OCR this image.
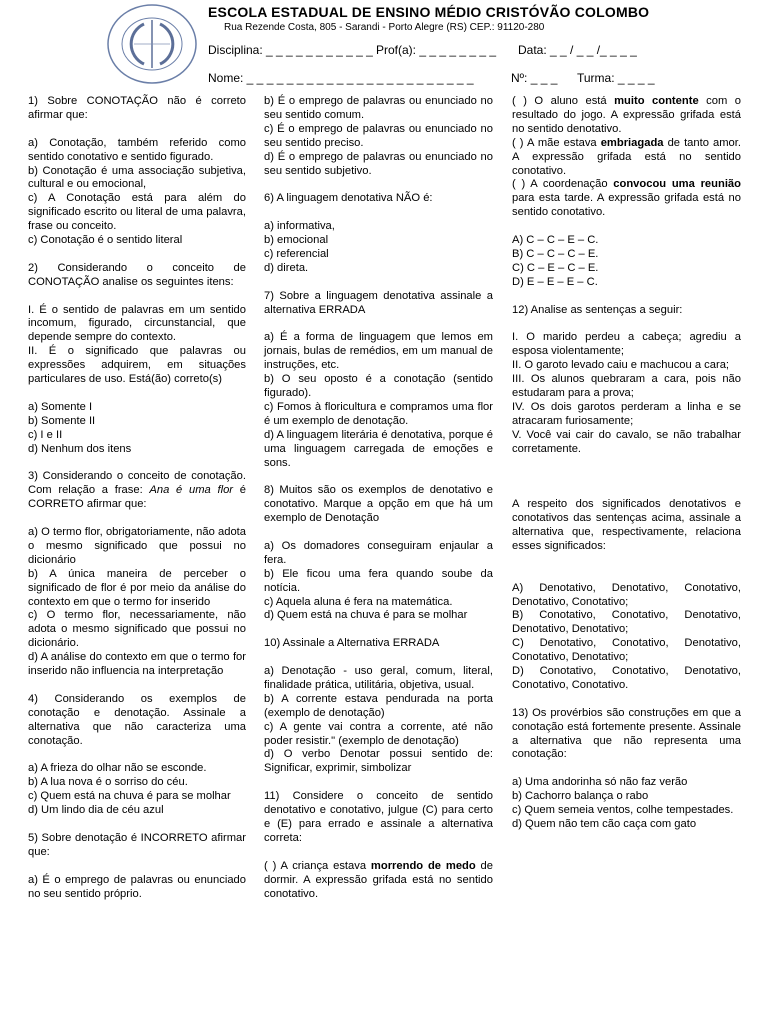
ESCOLA ESTADUAL DE ENSINO MÉDIO CRISTÓVÃO COLOMBO
Rua Rezende Costa, 805 - Sarandi - Porto Alegre (RS) CEP.: 91120-280
Disciplina: _ _ _ _ _ _ _ _ _ _ _ Prof(a): _ _ _ _ _ _ _ _ Data: _ _ / _ _ /_ _ _ _
Nome: _ _ _ _ _ _ _ _ _ _ _ _ _ _ _ _ _ _ _ _ _ _ _	Nº: _ _ _ Turma: _ _ _ _

1) Sobre CONOTAÇÃO não é correto afirmar que:

a) Conotação, também referido como sentido conotativo e sentido figurado.

b) Conotação é uma associação subjetiva, cultural e ou emocional,

c) A Conotação está para além do significado escrito ou literal de uma palavra, frase ou conceito.

c) Conotação é o sentido literal

2) Considerando o conceito de CONOTAÇÃO analise os seguintes itens:

I. É o sentido de palavras em um sentido incomum, figurado, circunstancial, que depende sempre do contexto.

II. É o significado que palavras ou expressões adquirem, em situações particulares de uso. Está(ão) correto(s)

a) Somente I

b) Somente II

c) I e II

d) Nenhum dos itens

3) Considerando o conceito de conotação. Com relação a frase: Ana é uma flor é CORRETO afirmar que:

a) O termo flor, obrigatoriamente, não adota o mesmo significado que possui no dicionário

b) A única maneira de perceber o significado de flor é por meio da análise do contexto em que o termo for inserido

c) O termo flor, necessariamente, não adota o mesmo significado que possui no dicionário.

d) A análise do contexto em que o termo for inserido não influencia na interpretação

4) Considerando os exemplos de conotação e denotação. Assinale a alternativa que não caracteriza uma conotação.

a) A frieza do olhar não se esconde.

b) A lua nova é o sorriso do céu.

c) Quem está na chuva é para se molhar

d) Um lindo dia de céu azul

5) Sobre denotação é INCORRETO afirmar que:

a) É o emprego de palavras ou enunciado no seu sentido próprio.

b) É o emprego de palavras ou enunciado no seu sentido comum.

c) É o emprego de palavras ou enunciado no seu sentido preciso.

d) É o emprego de palavras ou enunciado no seu sentido subjetivo.

6) A linguagem denotativa NÃO é:

a) informativa,

b) emocional

c) referencial

d) direta.

7) Sobre a linguagem denotativa assinale a alternativa ERRADA

a) É a forma de linguagem que lemos em jornais, bulas de remédios, em um manual de instruções, etc.

b) O seu oposto é a conotação (sentido figurado).

c) Fomos à floricultura e compramos uma flor é um exemplo de denotação.

d) A linguagem literária é denotativa, porque é uma linguagem carregada de emoções e sons.

8) Muitos são os exemplos de denotativo e conotativo. Marque a opção em que há um exemplo de Denotação

a) Os domadores conseguiram enjaular a fera.

b) Ele ficou uma fera quando soube da notícia.

c) Aquela aluna é fera na matemática.

d) Quem está na chuva é para se molhar

10) Assinale a Alternativa ERRADA

a) Denotação - uso geral, comum, literal, finalidade prática, utilitária, objetiva, usual.

b) A corrente estava pendurada na porta (exemplo de denotação)

c) A gente vai contra a corrente, até não poder resistir." (exemplo de denotação)

d) O verbo Denotar possui sentido de: Significar, exprimir, simbolizar

11) Considere o conceito de sentido denotativo e conotativo, julgue (C) para certo e (E) para errado e assinale a alternativa correta:

( ) A criança estava morrendo de medo de dormir. A expressão grifada está no sentido conotativo.

( ) O aluno está muito contente com o resultado do jogo. A expressão grifada está no sentido denotativo.

( ) A mãe estava embriagada de tanto amor. A expressão grifada está no sentido conotativo.

( ) A coordenação convocou uma reunião para esta tarde. A expressão grifada está no sentido conotativo.

A) C – C – E – C.

B) C – C – C – E.

C) C – E – C – E.

D) E – E – E – C.

12) Analise as sentenças a seguir:

I. O marido perdeu a cabeça; agrediu a esposa violentamente;

II. O garoto levado caiu e machucou a cara;

III. Os alunos quebraram a cara, pois não estudaram para a prova;

IV. Os dois garotos perderam a linha e se atracaram furiosamente;

V. Você vai cair do cavalo, se não trabalhar corretamente.

A respeito dos significados denotativos e conotativos das sentenças acima, assinale a alternativa que, respectivamente, relaciona esses significados:

A) Denotativo, Denotativo, Conotativo, Denotativo, Conotativo;

B) Conotativo, Conotativo, Denotativo, Denotativo, Denotativo;

C) Denotativo, Conotativo, Denotativo, Conotativo, Denotativo;

D) Conotativo, Conotativo, Denotativo, Conotativo, Conotativo.

13) Os provérbios são construções em que a conotação está fortemente presente. Assinale a alternativa que não representa uma conotação:

a) Uma andorinha só não faz verão

b) Cachorro balança o rabo

c) Quem semeia ventos, colhe tempestades.

d) Quem não tem cão caça com gato
